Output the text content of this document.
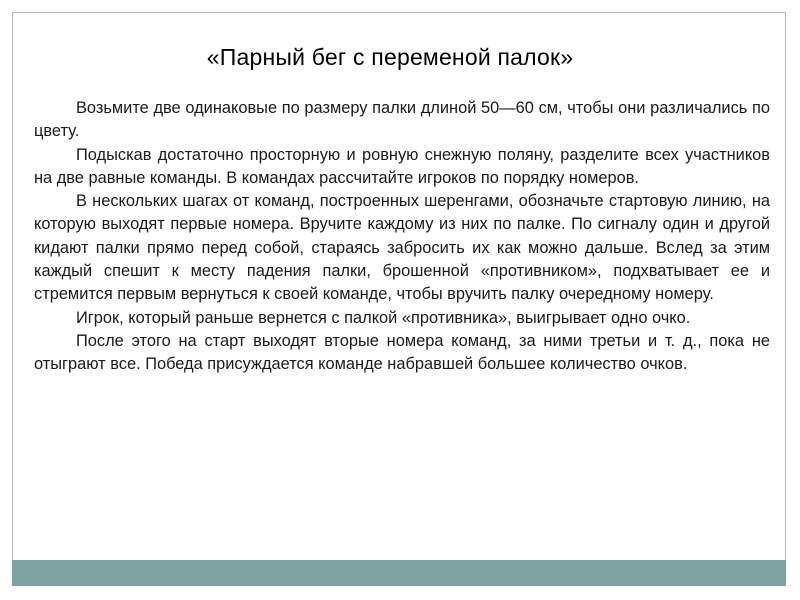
«Парный бег с переменой палок»

Возьмите две одинаковые по размеру палки длиной 50—60 см, чтобы они различались по цвету.

Подыскав достаточно просторную и ровную снежную поляну, разделите всех участников на две равные команды. В командах рассчитайте игроков по порядку номеров.

В нескольких шагах от команд, построенных шеренгами, обозначьте стартовую линию, на которую выходят первые номера. Вручите каждому из них по палке. По сигналу один и другой кидают палки прямо перед собой, стараясь забросить их как можно дальше. Вслед за этим каждый спешит к месту падения палки, брошенной «противником», подхватывает ее и стремится первым вернуться к своей команде, чтобы вручить палку очередному номеру.

Игрок, который раньше вернется с палкой «противника», выигрывает одно очко.

После этого на старт выходят вторые номера команд, за ними третьи и т. д., пока не отыграют все. Победа присуждается команде набравшей большее количество очков.
